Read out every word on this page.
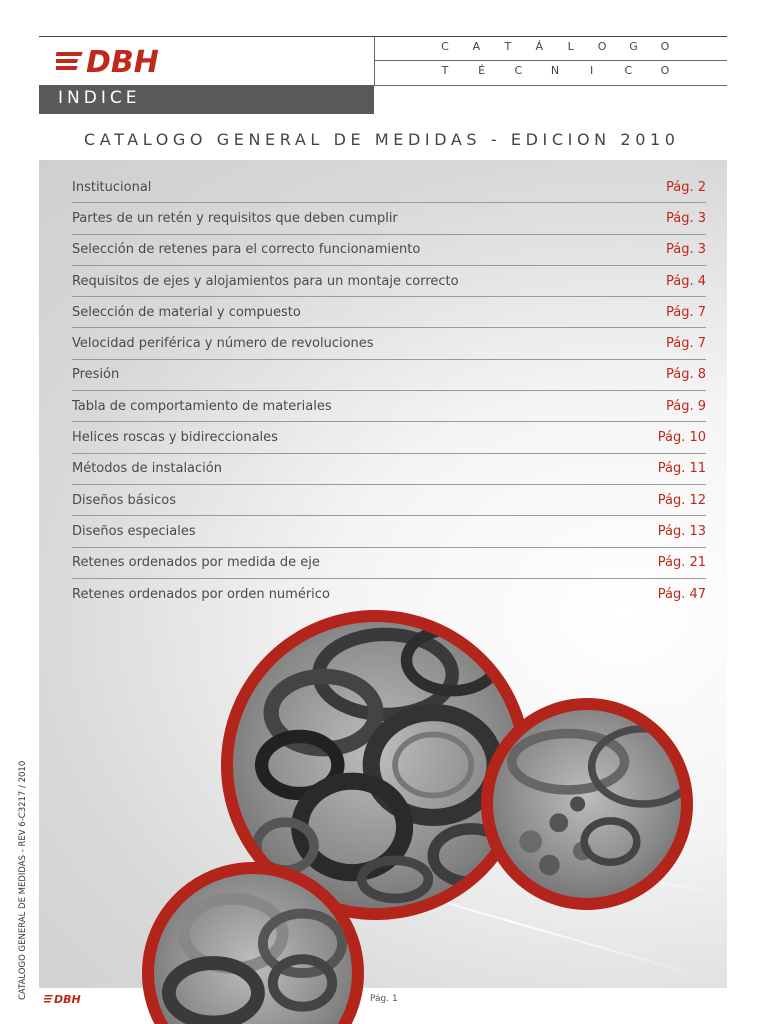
DBH	C A T Á L O G O
T	É	C	N	I	C	O
INDICE
CATALOGO GENERAL DE MEDIDAS - EDICION 2010
Institucional	Pág. 2
Partes de un retén y requisitos que deben cumplir	Pág. 3
Selección de retenes para el correcto funcionamiento	Pág. 3
Requisitos de ejes y alojamientos para un montaje correcto	Pág. 4
Selección de material y compuesto	Pág. 7
Velocidad periférica y número de revoluciones	Pág. 7
Presión	Pág. 8
Tabla de comportamiento de materiales	Pág. 9
Helices roscas y bidireccionales	Pág. 10
Métodos de instalación	Pág. 11
Diseños básicos	Pág. 12
Diseños especiales	Pág. 13
Retenes ordenados por medida de eje	Pág. 21
Retenes ordenados por orden numérico	Pág. 47
CATALOGO GENERAL DE MEDIDAS - REV 6-C3217 / 2010 DBH	Pág. 1
